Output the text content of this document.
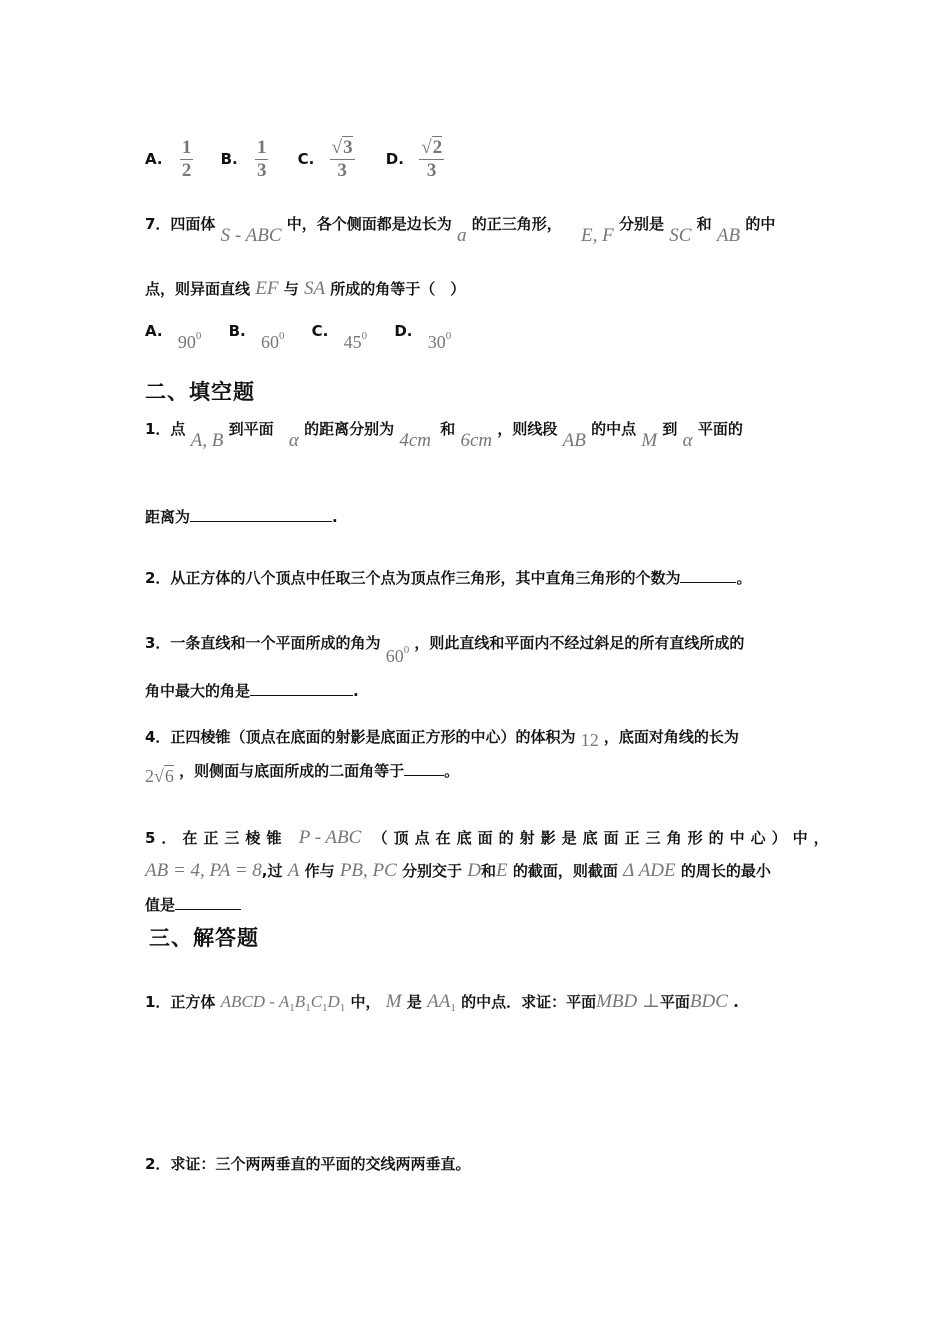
A. $\frac{1}{2} B$. $\frac{1}{3} C$. $\frac{√3}{3} D$. $\frac{√2}{3}$
7．四面体 S - ABC 中，各个侧面都是边长为 a 的正三角形， E, F 分别是 SC 和 AB 的中
点，则异面直线 EF 与 SA 所成的角等于（　）
A. $90^0$ B. $60^0$ C. $45^0$ D. $30^0$
二、填空题
1．点 A, B 到平面 α 的距离分别为 4cm 和 6cm ，则线段 AB 的中点 M 到 α 平面的
距离为	.
2．从正方体的八个顶点中任取三个点为顶点作三角形，其中直角三角形的个数为	。
3．一条直线和一个平面所成的角为 $60^0$ ，则此直线和平面内不经过斜足的所有直线所成的
角中最大的角是	.
4．正四棱锥（顶点在底面的射影是底面正方形的中心）的体积为 12 ，底面对角线的长为
2√6 ，则侧面与底面所成的二面角等于	。
5．在正三棱锥 P - ABC （顶点在底面的射影是底面正三角形的中心）中，
AB = 4, PA = 8,过 A 作与 PB, PC 分别交于 D和E 的截面，则截面 Δ ADE 的周长的最小
值是
三、解答题
1．正方体 ABCD - $A_1B_1C_1D_1$ 中， M 是 $AA_1$ 的中点．求证：平面MBD ⊥平面BDC .
2．求证：三个两两垂直的平面的交线两两垂直。
